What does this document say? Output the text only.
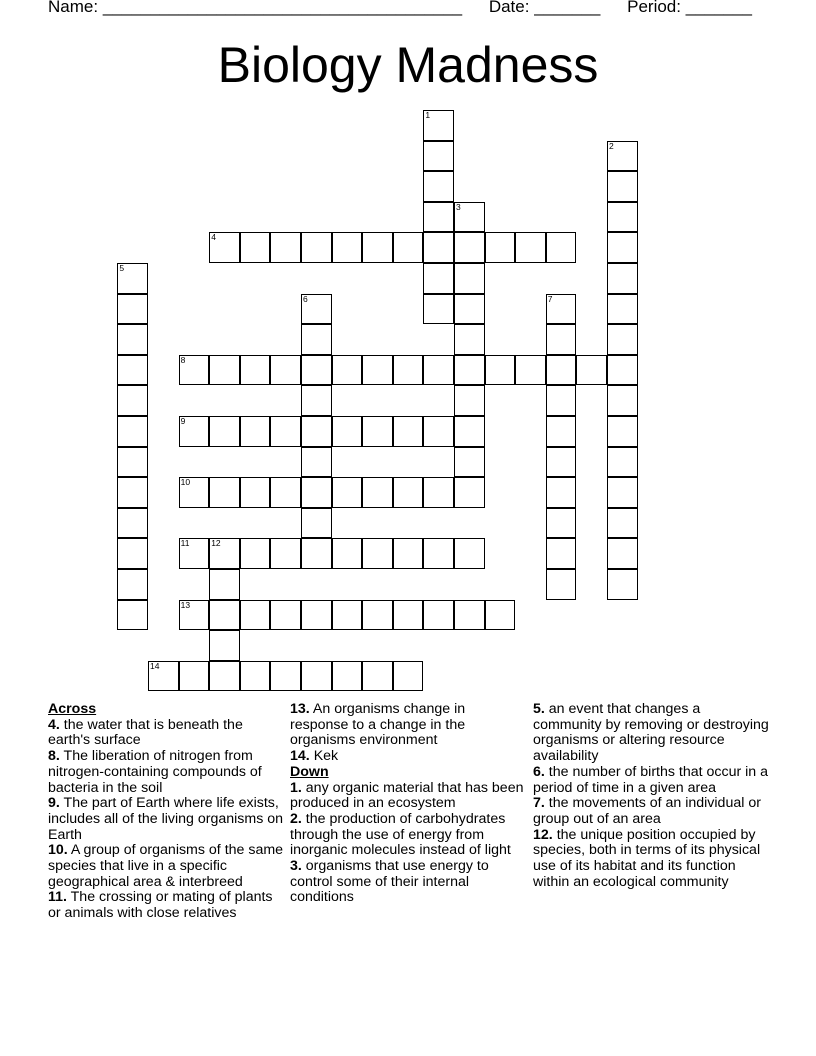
Name: ______________________________________ Date: _______ Period: _______
Biology Madness
1
2
3
4
5
6	7
8
9
10
11	12
13
14
Across
4. the water that is beneath the earth's surface
8. The liberation of nitrogen from nitrogen-containing compounds of bacteria in the soil
9. The part of Earth where life exists, includes all of the living organisms on Earth
10. A group of organisms of the same species that live in a specific geographical area & interbreed
11. The crossing or mating of plants or animals with close relatives
13. An organisms change in response to a change in the organisms environment
14. Kek
Down
1. any organic material that has been produced in an ecosystem
2. the production of carbohydrates through the use of energy from inorganic molecules instead of light
3. organisms that use energy to control some of their internal conditions
5. an event that changes a community by removing or destroying organisms or altering resource availability
6. the number of births that occur in a period of time in a given area
7. the movements of an individual or group out of an area
12. the unique position occupied by species, both in terms of its physical use of its habitat and its function within an ecological community
